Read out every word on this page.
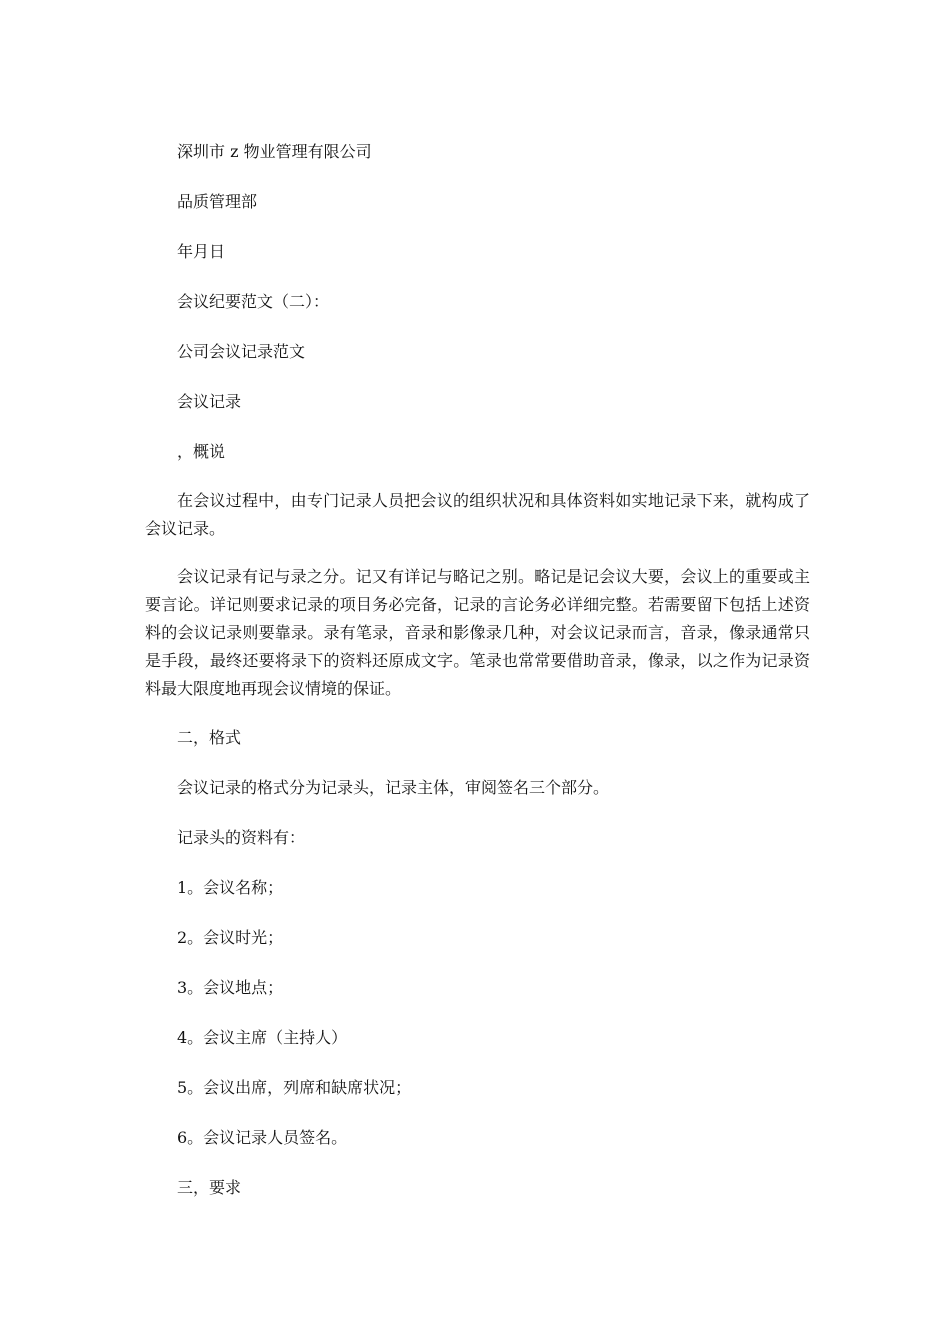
深圳市 z 物业管理有限公司

品质管理部

年月日

会议纪要范文（二）：

公司会议记录范文

会议记录

，概说

在会议过程中，由专门记录人员把会议的组织状况和具体资料如实地记录下来，就构成了会议记录。

会议记录有记与录之分。记又有详记与略记之别。略记是记会议大要，会议上的重要或主要言论。详记则要求记录的项目务必完备，记录的言论务必详细完整。若需要留下包括上述资料的会议记录则要靠录。录有笔录，音录和影像录几种，对会议记录而言，音录，像录通常只是手段，最终还要将录下的资料还原成文字。笔录也常常要借助音录，像录，以之作为记录资料最大限度地再现会议情境的保证。

二，格式

会议记录的格式分为记录头，记录主体，审阅签名三个部分。

记录头的资料有：

1。会议名称；

2。会议时光；

3。会议地点；

4。会议主席（主持人）

5。会议出席，列席和缺席状况；

6。会议记录人员签名。

三，要求
